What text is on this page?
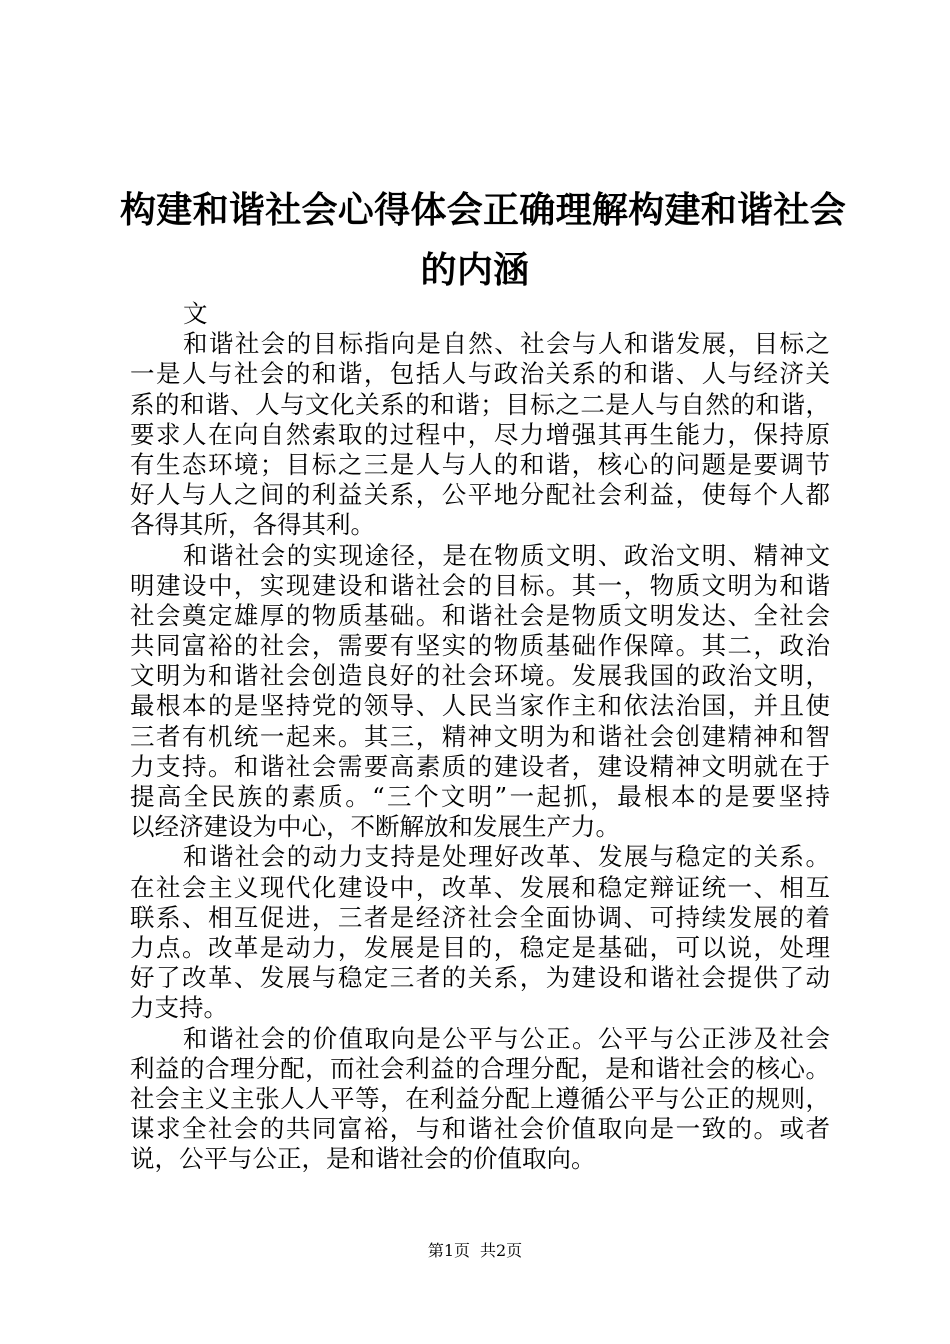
构建和谐社会心得体会正确理解构建和谐社会
的内涵
文
和谐社会的目标指向是自然、社会与人和谐发展，目标之
一是人与社会的和谐，包括人与政治关系的和谐、人与经济关
系的和谐、人与文化关系的和谐；目标之二是人与自然的和谐，
要求人在向自然索取的过程中，尽力增强其再生能力，保持原
有生态环境；目标之三是人与人的和谐，核心的问题是要调节
好人与人之间的利益关系，公平地分配社会利益，使每个人都
各得其所，各得其利。
和谐社会的实现途径，是在物质文明、政治文明、精神文
明建设中，实现建设和谐社会的目标。其一，物质文明为和谐
社会奠定雄厚的物质基础。和谐社会是物质文明发达、全社会
共同富裕的社会，需要有坚实的物质基础作保障。其二，政治
文明为和谐社会创造良好的社会环境。发展我国的政治文明，
最根本的是坚持党的领导、人民当家作主和依法治国，并且使
三者有机统一起来。其三，精神文明为和谐社会创建精神和智
力支持。和谐社会需要高素质的建设者，建设精神文明就在于
提高全民族的素质。“三个文明”一起抓，最根本的是要坚持
以经济建设为中心，不断解放和发展生产力。
和谐社会的动力支持是处理好改革、发展与稳定的关系。
在社会主义现代化建设中，改革、发展和稳定辩证统一、相互
联系、相互促进，三者是经济社会全面协调、可持续发展的着
力点。改革是动力，发展是目的，稳定是基础，可以说，处理
好了改革、发展与稳定三者的关系，为建设和谐社会提供了动
力支持。
和谐社会的价值取向是公平与公正。公平与公正涉及社会
利益的合理分配，而社会利益的合理分配，是和谐社会的核心。
社会主义主张人人平等，在利益分配上遵循公平与公正的规则，
谋求全社会的共同富裕，与和谐社会价值取向是一致的。或者
说，公平与公正，是和谐社会的价值取向。
第1页 共2页
